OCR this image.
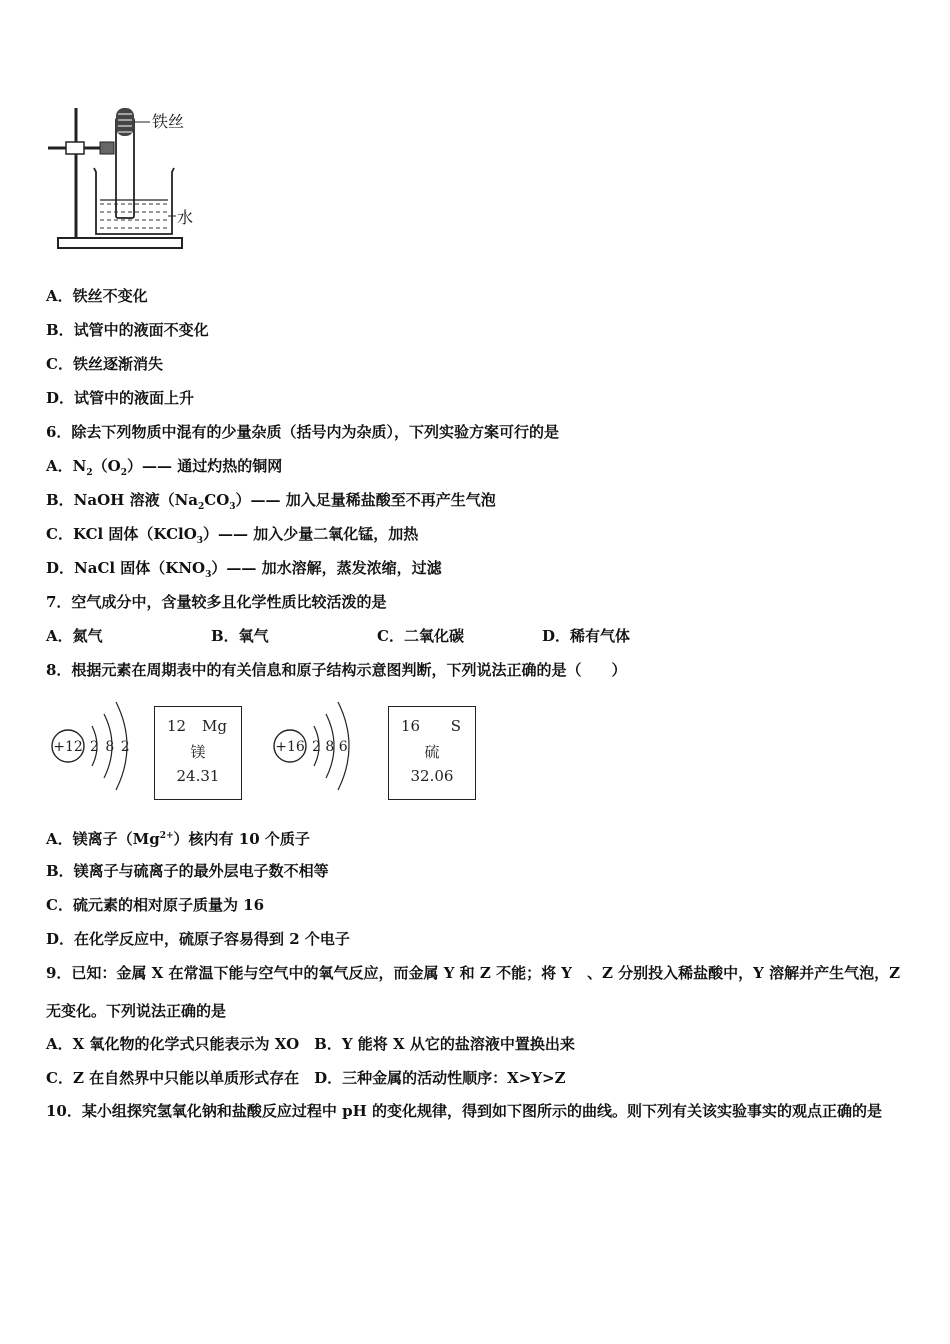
铁丝
水
A．铁丝不变化
B．试管中的液面不变化
C．铁丝逐渐消失
D．试管中的液面上升
6．除去下列物质中混有的少量杂质（括号内为杂质），下列实验方案可行的是
A．$N_2(O_2)——$ 通过灼热的铜网
B．NaOH 溶液$(Na_2CO_3)——$ 加入足量稀盐酸至不再产生气泡
C．KCl 固体（KClO$_3$）—— 加入少量二氧化锰，加热
D．NaCl 固体$(KNO_3)——$ 加水溶解，蒸发浓缩，过滤
7．空气成分中，含量较多且化学性质比较活泼的是
A．氮气	B．氧气	C．二氧化碳	D．稀有气体
8．根据元素在周期表中的有关信息和原子结构示意图判断，下列说法正确的是（　　）
+12 2 8 2
12 Mg
镁
24.31
+16 2 8 6
16 S
硫
32.06
A．镁离子$(Mg^{2+})$核内有 10 个质子
B．镁离子与硫离子的最外层电子数不相等
C．硫元素的相对原子质量为 16
D．在化学反应中，硫原子容易得到 2 个电子
9．已知：金属 X 在常温下能与空气中的氧气反应，而金属 Y 和 Z 不能；将 Y　、Z 分别投入稀盐酸中，Y 溶解并产生气泡，Z 无变化。下列说法正确的是
A．X 氧化物的化学式只能表示为 XO　B．Y 能将 X 从它的盐溶液中置换出来
C．Z 在自然界中只能以单质形式存在　D．三种金属的活动性顺序：X>Y>Z
10．某小组探究氢氧化钠和盐酸反应过程中 pH 的变化规律，得到如下图所示的曲线。则下列有关该实验事实的观点正确的是
